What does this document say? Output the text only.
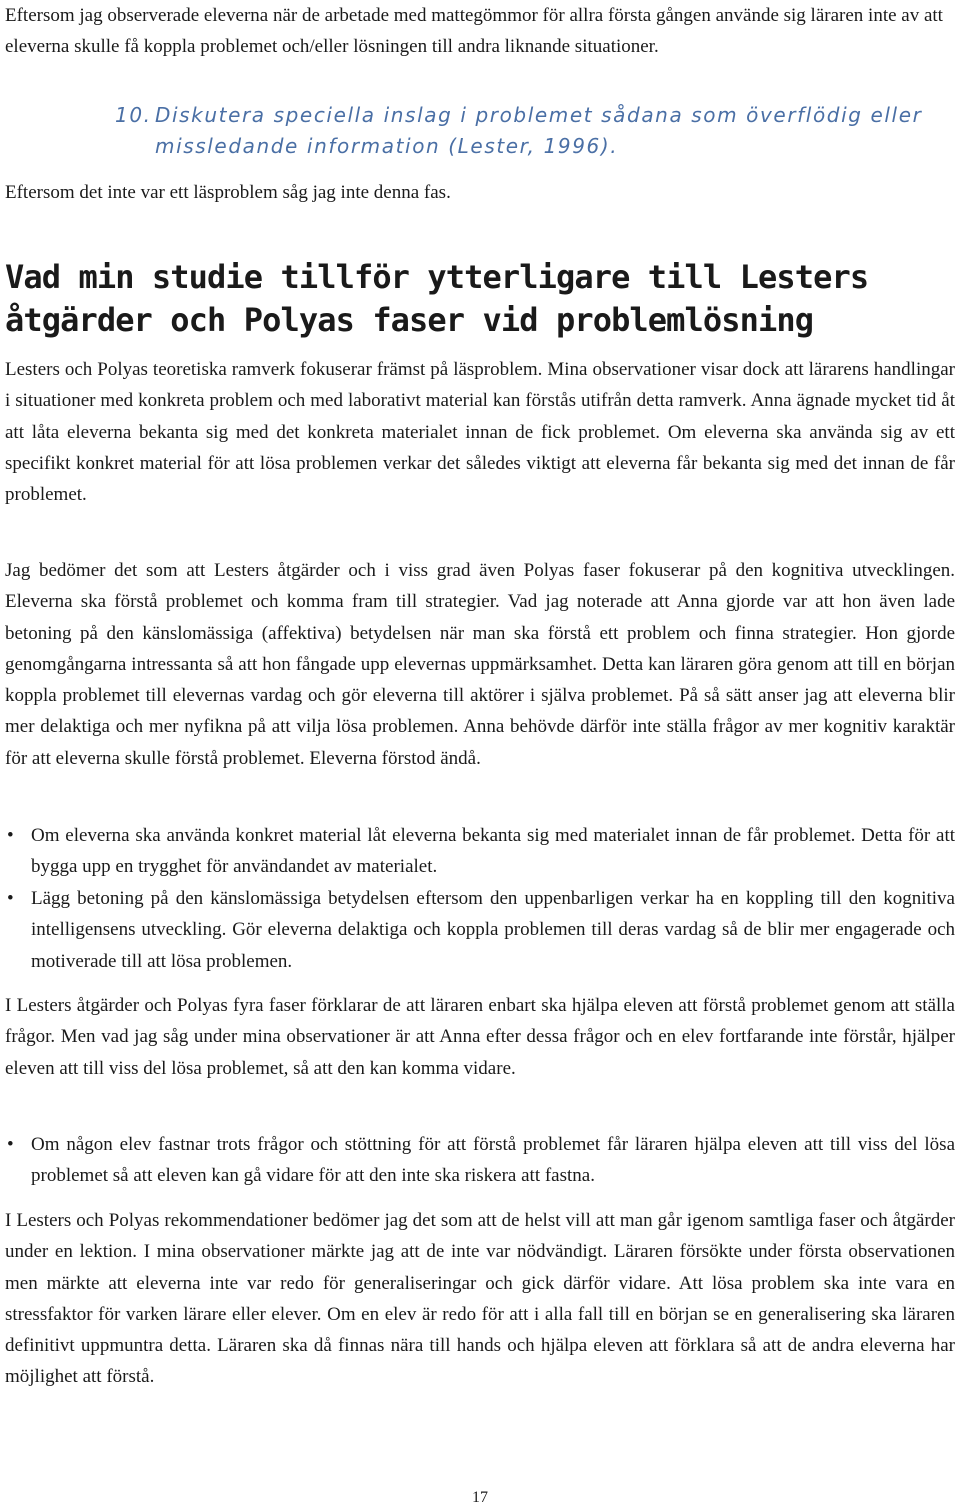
Eftersom jag observerade eleverna när de arbetade med mattegömmor för allra första gången använde sig läraren inte av att eleverna skulle få koppla problemet och/eller lösningen till andra liknande situationer.

10. Diskutera speciella inslag i problemet sådana som överflödig eller
missledande information (Lester, 1996).

Eftersom det inte var ett läsproblem såg jag inte denna fas.

Vad min studie tillför ytterligare till Lesters
åtgärder och Polyas faser vid problemlösning

Lesters och Polyas teoretiska ramverk fokuserar främst på läsproblem. Mina observationer visar dock att lärarens handlingar i situationer med konkreta problem och med laborativt material kan förstås utifrån detta ramverk. Anna ägnade mycket tid åt att låta eleverna bekanta sig med det konkreta materialet innan de fick problemet. Om eleverna ska använda sig av ett specifikt konkret material för att lösa problemen verkar det således viktigt att eleverna får bekanta sig med det innan de får problemet.

Jag bedömer det som att Lesters åtgärder och i viss grad även Polyas faser fokuserar på den kognitiva utvecklingen. Eleverna ska förstå problemet och komma fram till strategier. Vad jag noterade att Anna gjorde var att hon även lade betoning på den känslomässiga (affektiva) betydelsen när man ska förstå ett problem och finna strategier. Hon gjorde genomgångarna intressanta så att hon fångade upp elevernas uppmärksamhet. Detta kan läraren göra genom att till en början koppla problemet till elevernas vardag och gör eleverna till aktörer i själva problemet. På så sätt anser jag att eleverna blir mer delaktiga och mer nyfikna på att vilja lösa problemen. Anna behövde därför inte ställa frågor av mer kognitiv karaktär för att eleverna skulle förstå problemet. Eleverna förstod ändå.

• Om eleverna ska använda konkret material låt eleverna bekanta sig med materialet innan de får problemet. Detta för att bygga upp en trygghet för användandet av materialet.
• Lägg betoning på den känslomässiga betydelsen eftersom den uppenbarligen verkar ha en koppling till den kognitiva intelligensens utveckling. Gör eleverna delaktiga och koppla problemen till deras vardag så de blir mer engagerade och motiverade till att lösa problemen.

I Lesters åtgärder och Polyas fyra faser förklarar de att läraren enbart ska hjälpa eleven att förstå problemet genom att ställa frågor. Men vad jag såg under mina observationer är att Anna efter dessa frågor och en elev fortfarande inte förstår, hjälper eleven att till viss del lösa problemet, så att den kan komma vidare.

• Om någon elev fastnar trots frågor och stöttning för att förstå problemet får läraren hjälpa eleven att till viss del lösa problemet så att eleven kan gå vidare för att den inte ska riskera att fastna.

I Lesters och Polyas rekommendationer bedömer jag det som att de helst vill att man går igenom samtliga faser och åtgärder under en lektion. I mina observationer märkte jag att de inte var nödvändigt. Läraren försökte under första observationen men märkte att eleverna inte var redo för generaliseringar och gick därför vidare. Att lösa problem ska inte vara en stressfaktor för varken lärare eller elever. Om en elev är redo för att i alla fall till en början se en generalisering ska läraren definitivt uppmuntra detta. Läraren ska då finnas nära till hands och hjälpa eleven att förklara så att de andra eleverna har möjlighet att förstå.

17
